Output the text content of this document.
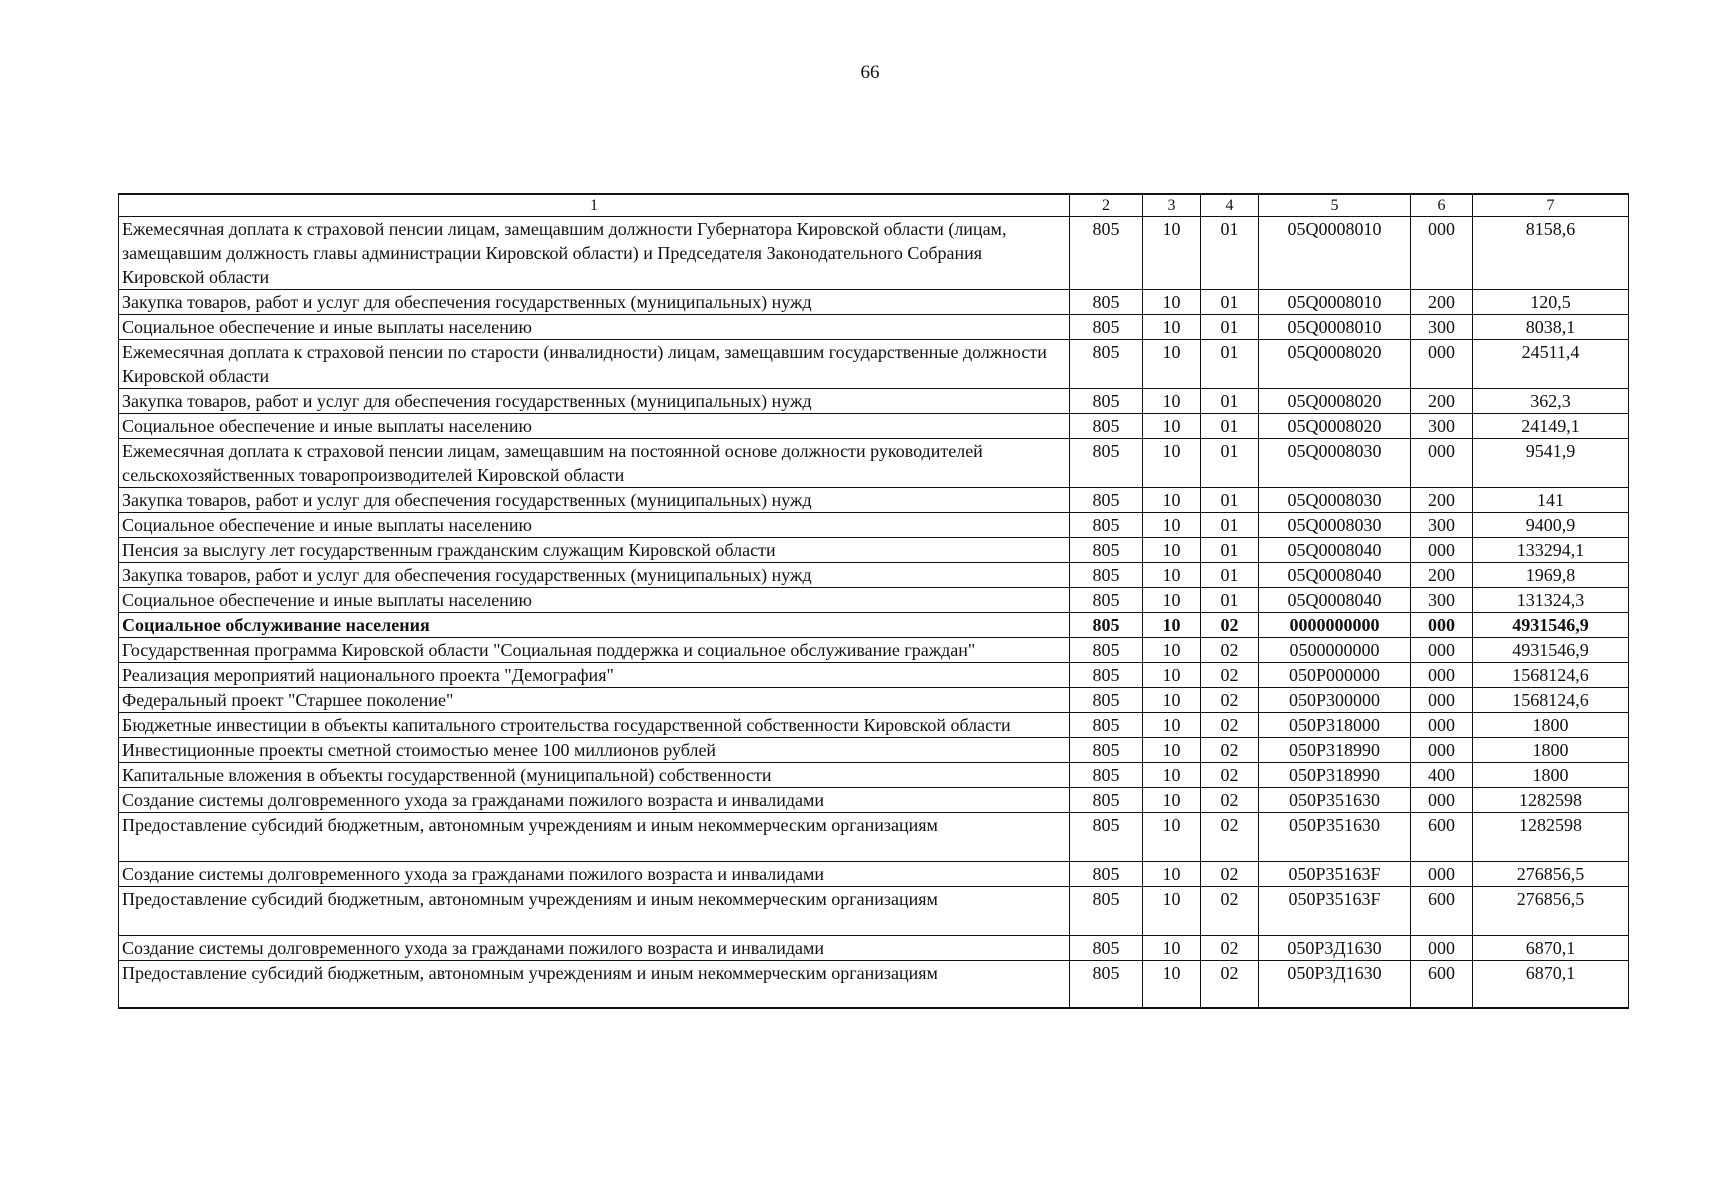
66
1	2	3	4	5	6	7
Ежемесячная доплата к страховой пенсии лицам, замещавшим должности Губернатора Кировской области (лицам, замещавшим должность главы администрации Кировской области) и Председателя Законодательного Собрания Кировской области	805	10	01	05Q0008010	000	8158,6
Закупка товаров, работ и услуг для обеспечения государственных (муниципальных) нужд	805	10	01	05Q0008010	200	120,5
Социальное обеспечение и иные выплаты населению	805	10	01	05Q0008010	300	8038,1
Ежемесячная доплата к страховой пенсии по старости (инвалидности) лицам, замещавшим государственные должности Кировской области	805	10	01	05Q0008020	000	24511,4
Закупка товаров, работ и услуг для обеспечения государственных (муниципальных) нужд	805	10	01	05Q0008020	200	362,3
Социальное обеспечение и иные выплаты населению	805	10	01	05Q0008020	300	24149,1
Ежемесячная доплата к страховой пенсии лицам, замещавшим на постоянной основе должности руководителей сельскохозяйственных товаропроизводителей Кировской области	805	10	01	05Q0008030	000	9541,9
Закупка товаров, работ и услуг для обеспечения государственных (муниципальных) нужд	805	10	01	05Q0008030	200	141
Социальное обеспечение и иные выплаты населению	805	10	01	05Q0008030	300	9400,9
Пенсия за выслугу лет государственным гражданским служащим Кировской области	805	10	01	05Q0008040	000	133294,1
Закупка товаров, работ и услуг для обеспечения государственных (муниципальных) нужд	805	10	01	05Q0008040	200	1969,8
Социальное обеспечение и иные выплаты населению	805	10	01	05Q0008040	300	131324,3
Социальное обслуживание населения	805	10	02	0000000000	000	4931546,9
Государственная программа Кировской области "Социальная поддержка и социальное обслуживание граждан"	805	10	02	0500000000	000	4931546,9
Реализация мероприятий национального проекта "Демография"	805	10	02	050P000000	000	1568124,6
Федеральный проект "Старшее поколение"	805	10	02	050P300000	000	1568124,6
Бюджетные инвестиции в объекты капитального строительства государственной собственности Кировской области	805	10	02	050P318000	000	1800
Инвестиционные проекты сметной стоимостью менее 100 миллионов рублей	805	10	02	050P318990	000	1800
Капитальные вложения в объекты государственной (муниципальной) собственности	805	10	02	050P318990	400	1800
Создание системы долговременного ухода за гражданами пожилого возраста и инвалидами	805	10	02	050P351630	000	1282598
Предоставление субсидий бюджетным, автономным учреждениям и иным некоммерческим организациям	805	10	02	050P351630	600	1282598
Создание системы долговременного ухода за гражданами пожилого возраста и инвалидами	805	10	02	050P35163F	000	276856,5
Предоставление субсидий бюджетным, автономным учреждениям и иным некоммерческим организациям	805	10	02	050P35163F	600	276856,5
Создание системы долговременного ухода за гражданами пожилого возраста и инвалидами	805	10	02	050P3Д1630	000	6870,1
Предоставление субсидий бюджетным, автономным учреждениям и иным некоммерческим организациям	805	10	02	050P3Д1630	600	6870,1
